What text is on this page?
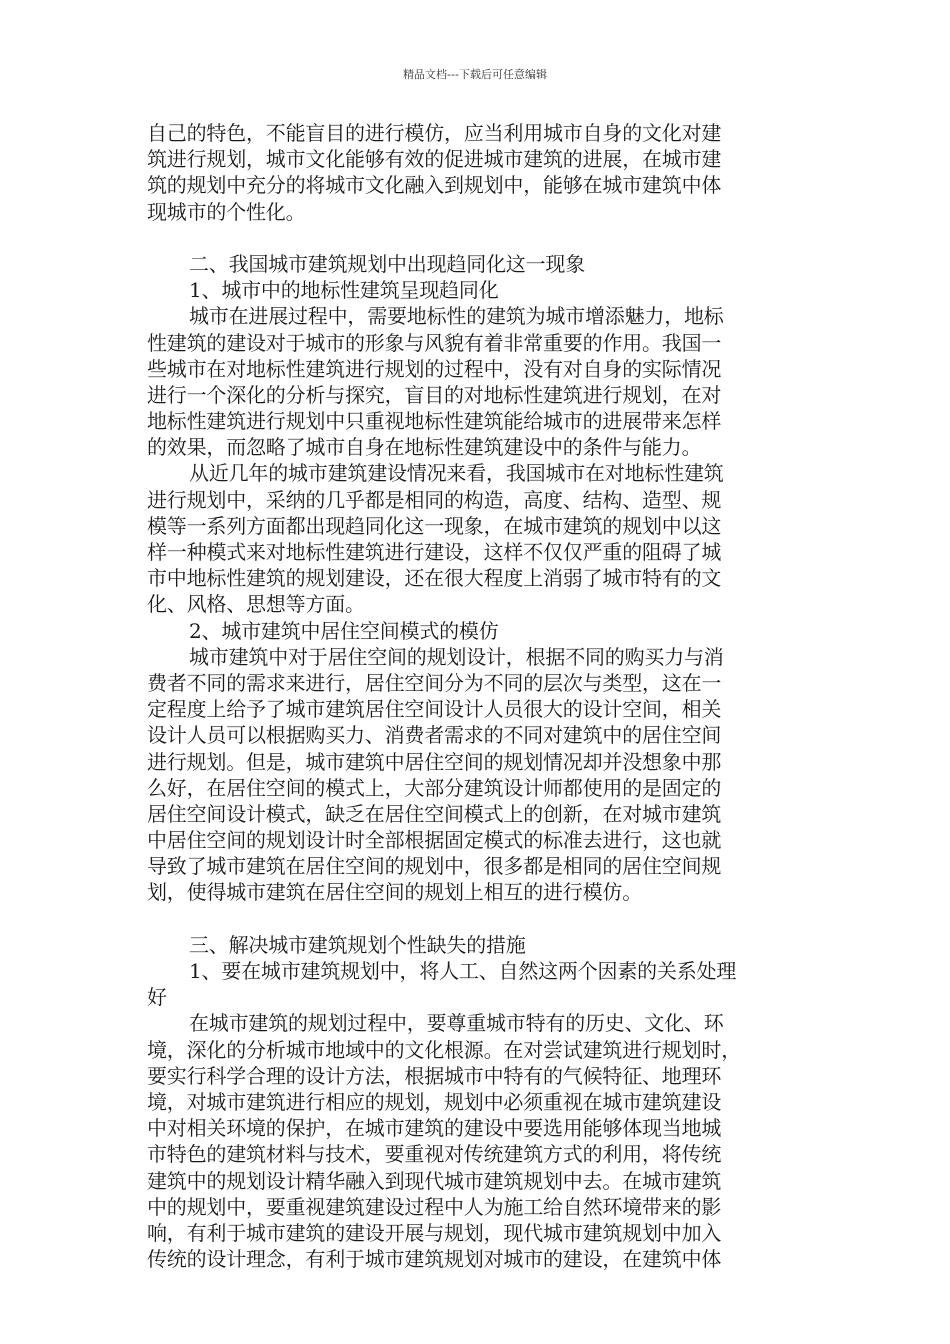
精品文档---下载后可任意编辑
自己的特色，不能盲目的进行模仿，应当利用城市自身的文化对建
筑进行规划，城市文化能够有效的促进城市建筑的进展，在城市建
筑的规划中充分的将城市文化融入到规划中，能够在城市建筑中体
现城市的个性化。
二、我国城市建筑规划中出现趋同化这一现象
1、城市中的地标性建筑呈现趋同化
城市在进展过程中，需要地标性的建筑为城市增添魅力，地标
性建筑的建设对于城市的形象与风貌有着非常重要的作用。我国一
些城市在对地标性建筑进行规划的过程中，没有对自身的实际情况
进行一个深化的分析与探究，盲目的对地标性建筑进行规划，在对
地标性建筑进行规划中只重视地标性建筑能给城市的进展带来怎样
的效果，而忽略了城市自身在地标性建筑建设中的条件与能力。
从近几年的城市建筑建设情况来看，我国城市在对地标性建筑
进行规划中，采纳的几乎都是相同的构造，高度、结构、造型、规
模等一系列方面都出现趋同化这一现象，在城市建筑的规划中以这
样一种模式来对地标性建筑进行建设，这样不仅仅严重的阻碍了城
市中地标性建筑的规划建设，还在很大程度上消弱了城市特有的文
化、风格、思想等方面。
2、城市建筑中居住空间模式的模仿
城市建筑中对于居住空间的规划设计，根据不同的购买力与消
费者不同的需求来进行，居住空间分为不同的层次与类型，这在一
定程度上给予了城市建筑居住空间设计人员很大的设计空间，相关
设计人员可以根据购买力、消费者需求的不同对建筑中的居住空间
进行规划。但是，城市建筑中居住空间的规划情况却并没想象中那
么好，在居住空间的模式上，大部分建筑设计师都使用的是固定的
居住空间设计模式，缺乏在居住空间模式上的创新，在对城市建筑
中居住空间的规划设计时全部根据固定模式的标准去进行，这也就
导致了城市建筑在居住空间的规划中，很多都是相同的居住空间规
划，使得城市建筑在居住空间的规划上相互的进行模仿。
三、解决城市建筑规划个性缺失的措施
1、要在城市建筑规划中，将人工、自然这两个因素的关系处理
好
在城市建筑的规划过程中，要尊重城市特有的历史、文化、环
境，深化的分析城市地域中的文化根源。在对尝试建筑进行规划时，
要实行科学合理的设计方法，根据城市中特有的气候特征、地理环
境，对城市建筑进行相应的规划，规划中必须重视在城市建筑建设
中对相关环境的保护，在城市建筑的建设中要选用能够体现当地城
市特色的建筑材料与技术，要重视对传统建筑方式的利用，将传统
建筑中的规划设计精华融入到现代城市建筑规划中去。在城市建筑
中的规划中，要重视建筑建设过程中人为施工给自然环境带来的影
响，有利于城市建筑的建设开展与规划，现代城市建筑规划中加入
传统的设计理念，有利于城市建筑规划对城市的建设，在建筑中体
